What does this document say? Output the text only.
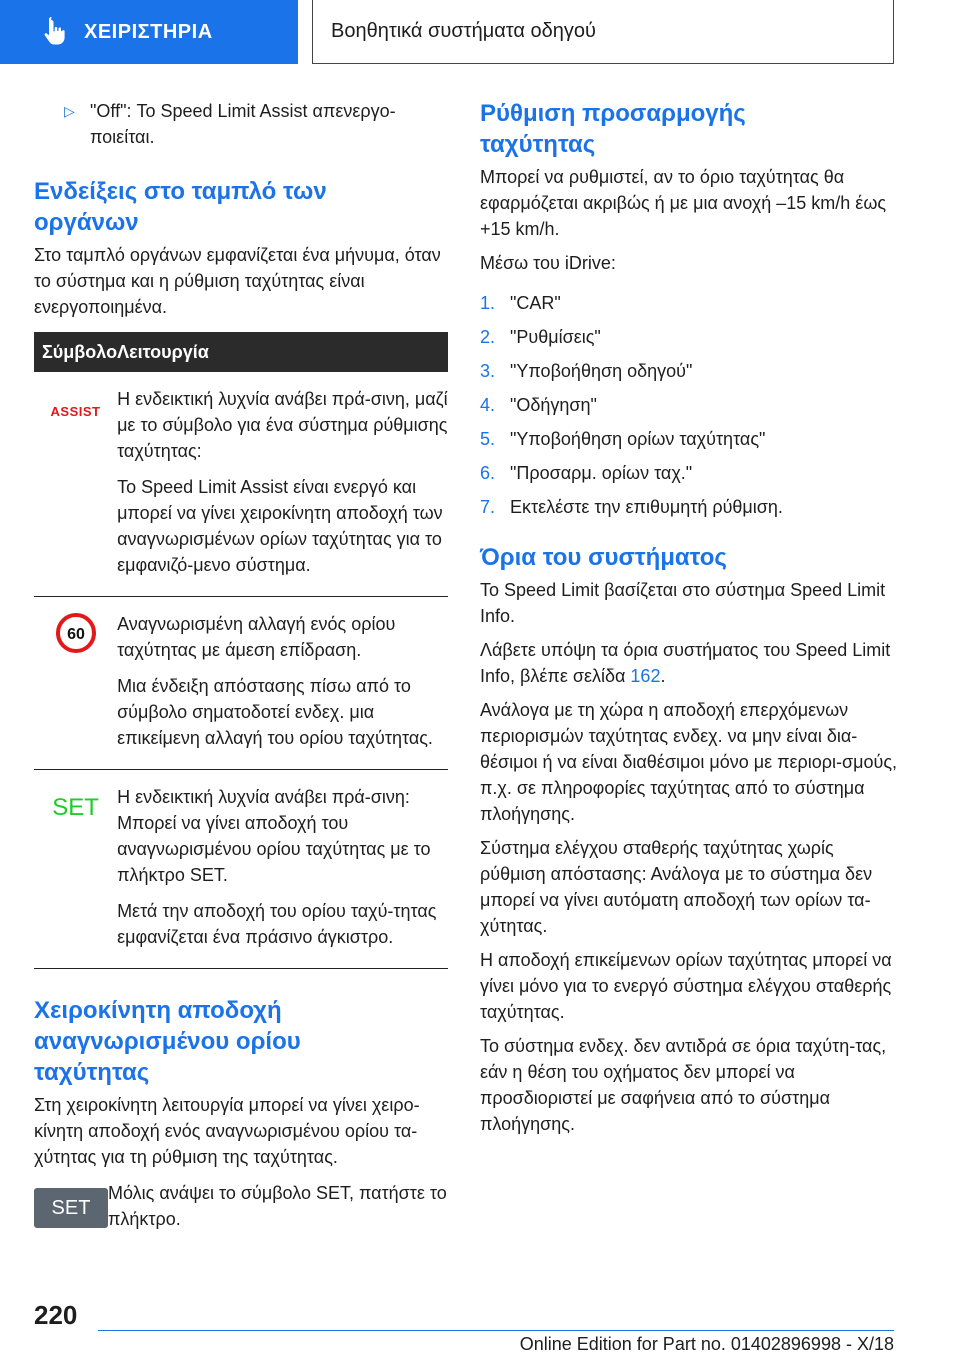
ΧΕΙΡΙΣΤΗΡΙΑ	Βοηθητικά συστήματα οδηγού
▷ "Off": Το Speed Limit Assist απενεργο-ποιείται.
Ενδείξεις στο ταμπλό των οργάνων

Στο ταμπλό οργάνων εμφανίζεται ένα μήνυμα, όταν το σύστημα και η ρύθμιση ταχύτητας είναι ενεργοποιημένα.

Σύμβολο	Λειτουργία
ASSIST	Η ενδεικτική λυχνία ανάβει πρά-σινη, μαζί με το σύμβολο για ένα σύστημα ρύθμισης ταχύτητας:

Το Speed Limit Assist είναι ενεργό και μπορεί να γίνει χειροκίνητη αποδοχή των αναγνωρισμένων ορίων ταχύτητας για το εμφανιζό-μενο σύστημα.

60	Αναγνωρισμένη αλλαγή ενός ορίου ταχύτητας με άμεση επίδραση.

Μια ένδειξη απόστασης πίσω από το σύμβολο σηματοδοτεί ενδεχ. μια επικείμενη αλλαγή του ορίου ταχύτητας.

SET	Η ενδεικτική λυχνία ανάβει πρά-σινη: Μπορεί να γίνει αποδοχή του αναγνωρισμένου ορίου ταχύτητας με το πλήκτρο SET.

Μετά την αποδοχή του ορίου ταχύ-τητας εμφανίζεται ένα πράσινο άγκιστρο.

Χειροκίνητη αποδοχή αναγνωρισμένου ορίου ταχύτητας

Στη χειροκίνητη λειτουργία μπορεί να γίνει χειρο-κίνητη αποδοχή ενός αναγνωρισμένου ορίου τα-χύτητας για τη ρύθμιση της ταχύτητας.

SET
Μόλις ανάψει το σύμβολο SET, πατήστε το πλήκτρο.
Ρύθμιση προσαρμογής ταχύτητας

Μπορεί να ρυθμιστεί, αν το όριο ταχύτητας θα εφαρμόζεται ακριβώς ή με μια ανοχή –15 km/h έως +15 km/h.

Μέσω του iDrive:

1. "CAR"
2. "Ρυθμίσεις"
3. "Υποβοήθηση οδηγού"
4. "Οδήγηση"
5. "Υποβοήθηση ορίων ταχύτητας"
6. "Προσαρμ. ορίων ταχ."
7. Εκτελέστε την επιθυμητή ρύθμιση.
Όρια του συστήματος

Το Speed Limit βασίζεται στο σύστημα Speed Limit Info.

Λάβετε υπόψη τα όρια συστήματος του Speed Limit Info, βλέπε σελίδα 162.

Ανάλογα με τη χώρα η αποδοχή επερχόμενων περιορισμών ταχύτητας ενδεχ. να μην είναι δια-θέσιμοι ή να είναι διαθέσιμοι μόνο με περιορι-σμούς, π.χ. σε πληροφορίες ταχύτητας από το σύστημα πλοήγησης.

Σύστημα ελέγχου σταθερής ταχύτητας χωρίς ρύθμιση απόστασης: Ανάλογα με το σύστημα δεν μπορεί να γίνει αυτόματη αποδοχή των ορίων τα-χύτητας.

Η αποδοχή επικείμενων ορίων ταχύτητας μπορεί να γίνει μόνο για το ενεργό σύστημα ελέγχου σταθερής ταχύτητας.

Το σύστημα ενδεχ. δεν αντιδρά σε όρια ταχύτη-τας, εάν η θέση του οχήματος δεν μπορεί να προσδιοριστεί με σαφήνεια από το σύστημα πλοήγησης.

220
Online Edition for Part no. 01402896998 - X/18
